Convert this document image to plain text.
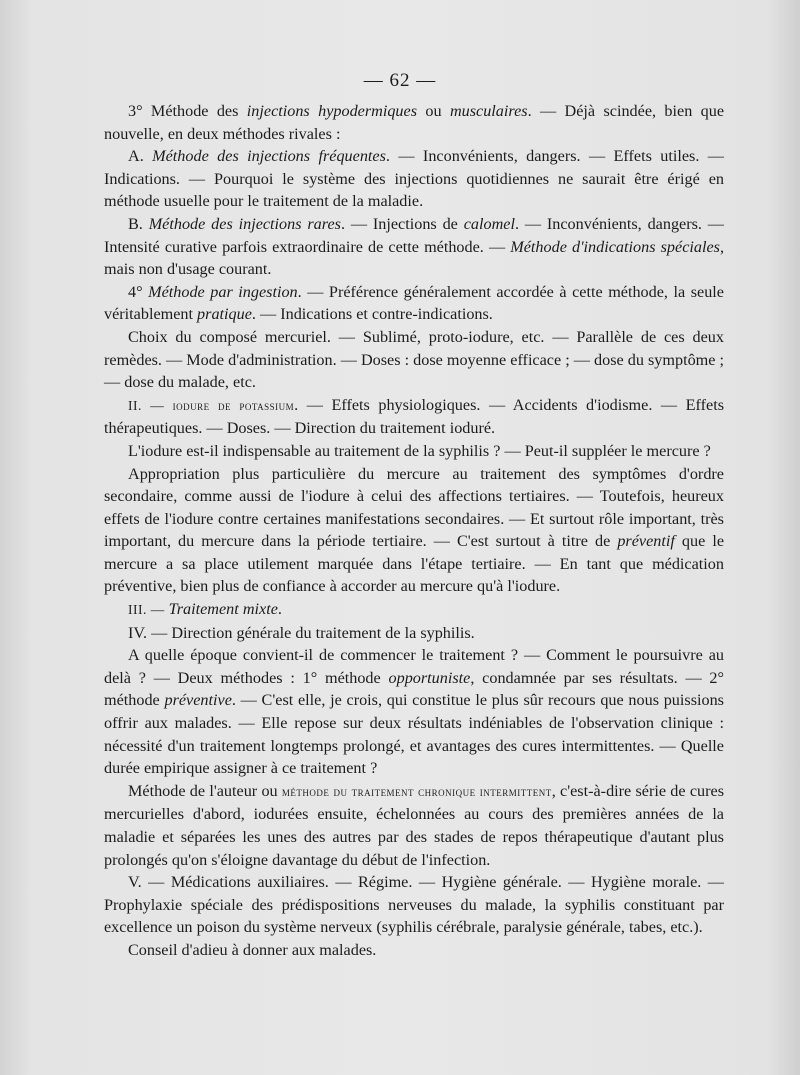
— 62 —

3° Méthode des injections hypodermiques ou musculaires. — Déjà scindée, bien que nouvelle, en deux méthodes rivales :

A. Méthode des injections fréquentes. — Inconvénients, dangers. — Effets utiles. — Indications. — Pourquoi le système des injections quotidiennes ne saurait être érigé en méthode usuelle pour le traitement de la maladie.

B. Méthode des injections rares. — Injections de calomel. — Inconvénients, dangers. — Intensité curative parfois extraordinaire de cette méthode. — Méthode d'indications spéciales, mais non d'usage courant.

4° Méthode par ingestion. — Préférence généralement accordée à cette méthode, la seule véritablement pratique. — Indications et contre-indications.

Choix du composé mercuriel. — Sublimé, proto-iodure, etc. — Parallèle de ces deux remèdes. — Mode d'administration. — Doses : dose moyenne efficace ; — dose du symptôme ; — dose du malade, etc.

II. — iodure de potassium. — Effets physiologiques. — Accidents d'iodisme. — Effets thérapeutiques. — Doses. — Direction du traitement ioduré.

L'iodure est-il indispensable au traitement de la syphilis ? — Peut-il suppléer le mercure ?

Appropriation plus particulière du mercure au traitement des symptômes d'ordre secondaire, comme aussi de l'iodure à celui des affections tertiaires. — Toutefois, heureux effets de l'iodure contre certaines manifestations secondaires. — Et surtout rôle important, très important, du mercure dans la période tertiaire. — C'est surtout à titre de préventif que le mercure a sa place utilement marquée dans l'étape tertiaire. — En tant que médication préventive, bien plus de confiance à accorder au mercure qu'à l'iodure.

III. — Traitement mixte.

IV. — Direction générale du traitement de la syphilis.

A quelle époque convient-il de commencer le traitement ? — Comment le poursuivre au delà ? — Deux méthodes : 1° méthode opportuniste, condamnée par ses résultats. — 2° méthode préventive. — C'est elle, je crois, qui constitue le plus sûr recours que nous puissions offrir aux malades. — Elle repose sur deux résultats indéniables de l'observation clinique : nécessité d'un traitement longtemps prolongé, et avantages des cures intermittentes. — Quelle durée empirique assigner à ce traitement ?

Méthode de l'auteur ou méthode du traitement chronique intermittent, c'est-à-dire série de cures mercurielles d'abord, iodurées ensuite, échelonnées au cours des premières années de la maladie et séparées les unes des autres par des stades de repos thérapeutique d'autant plus prolongés qu'on s'éloigne davantage du début de l'infection.

V. — Médications auxiliaires. — Régime. — Hygiène générale. — Hygiène morale. — Prophylaxie spéciale des prédispositions nerveuses du malade, la syphilis constituant par excellence un poison du système nerveux (syphilis cérébrale, paralysie générale, tabes, etc.).

Conseil d'adieu à donner aux malades.
